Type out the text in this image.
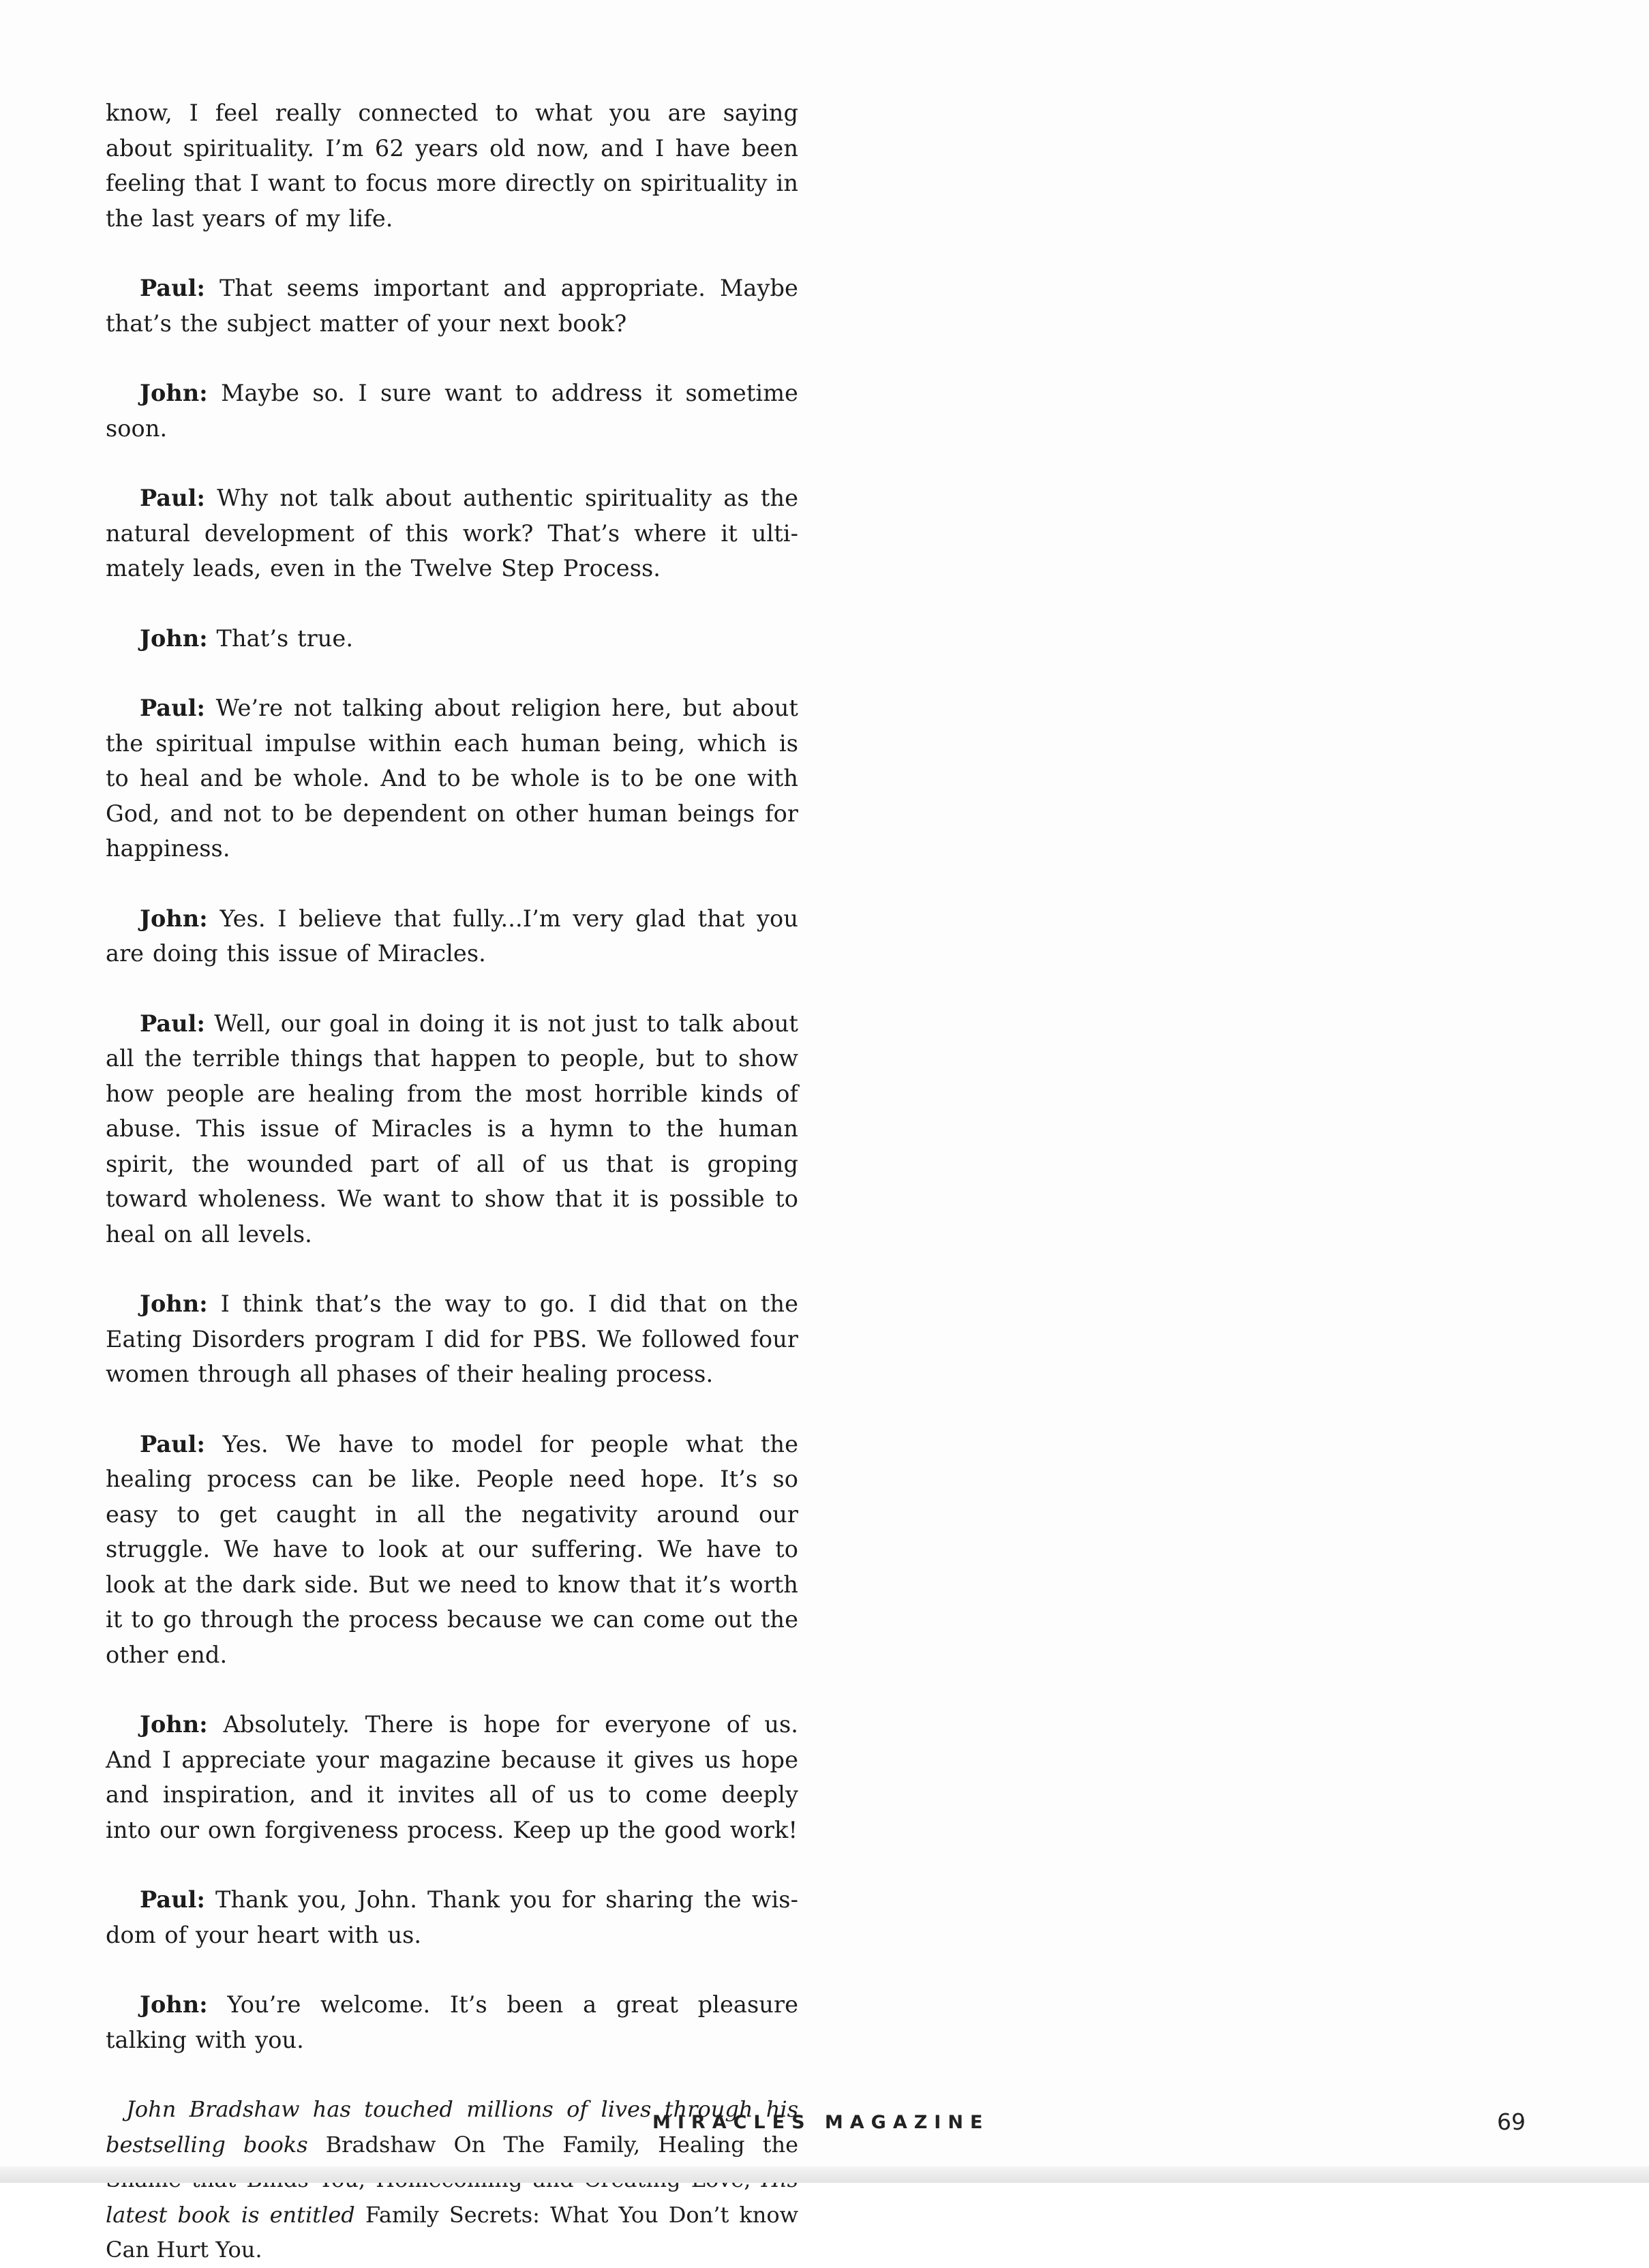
know, I feel really connected to what you are saying about spirituality. I’m 62 years old now, and I have been feeling that I want to focus more directly on spirituality in the last years of my life.

Paul: That seems important and appropriate. Maybe that’s the subject matter of your next book?

John: Maybe so. I sure want to address it sometime soon.

Paul: Why not talk about authentic spirituality as the natural development of this work? That’s where it ulti-mately leads, even in the Twelve Step Process.

John: That’s true.

Paul: We’re not talking about religion here, but about the spiritual impulse within each human being, which is to heal and be whole. And to be whole is to be one with God, and not to be dependent on other human beings for happiness.

John: Yes. I believe that fully...I’m very glad that you are doing this issue of Miracles.

Paul: Well, our goal in doing it is not just to talk about all the terrible things that happen to people, but to show how people are healing from the most horrible kinds of abuse. This issue of Miracles is a hymn to the human spirit, the wounded part of all of us that is groping toward wholeness. We want to show that it is possible to heal on all levels.

John: I think that’s the way to go. I did that on the Eating Disorders program I did for PBS. We followed four women through all phases of their healing process.

Paul: Yes. We have to model for people what the healing process can be like. People need hope. It’s so easy to get caught in all the negativity around our struggle. We have to look at our suffering. We have to look at the dark side. But we need to know that it’s worth it to go through the process because we can come out the other end.

John: Absolutely. There is hope for everyone of us. And I appreciate your magazine because it gives us hope and inspiration, and it invites all of us to come deeply into our own forgiveness process. Keep up the good work!

Paul: Thank you, John. Thank you for sharing the wis-dom of your heart with us.

John: You’re welcome. It’s been a great pleasure talking with you.

John Bradshaw has touched millions of lives through his bestselling books Bradshaw On The Family, Healing the latest book is entitled Family Secrets: What You Don’t know Can Hurt You.

MIRACLES MAGAZINE	69
